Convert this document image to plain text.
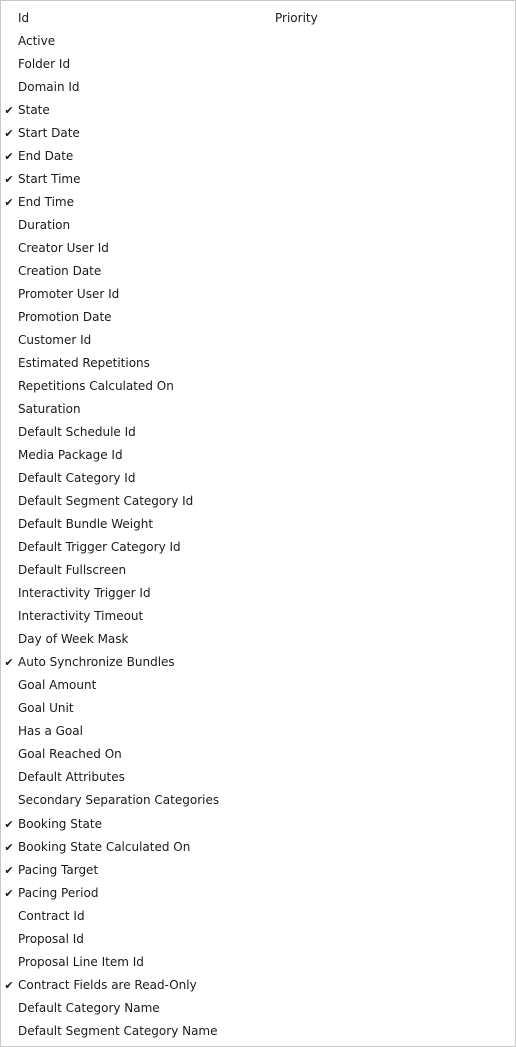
Id	Priority
Active
Folder Id
Domain Id
✔ State
✔ Start Date
✔ End Date
✔ Start Time
✔ End Time
Duration
Creator User Id
Creation Date
Promoter User Id
Promotion Date
Customer Id
Estimated Repetitions
Repetitions Calculated On
Saturation
Default Schedule Id
Media Package Id
Default Category Id
Default Segment Category Id
Default Bundle Weight
Default Trigger Category Id
Default Fullscreen
Interactivity Trigger Id
Interactivity Timeout
Day of Week Mask
✔ Auto Synchronize Bundles
Goal Amount
Goal Unit
Has a Goal
Goal Reached On
Default Attributes
Secondary Separation Categories
✔ Booking State
✔ Booking State Calculated On
✔ Pacing Target
✔ Pacing Period
Contract Id
Proposal Id
Proposal Line Item Id
✔ Contract Fields are Read-Only
Default Category Name
Default Segment Category Name
